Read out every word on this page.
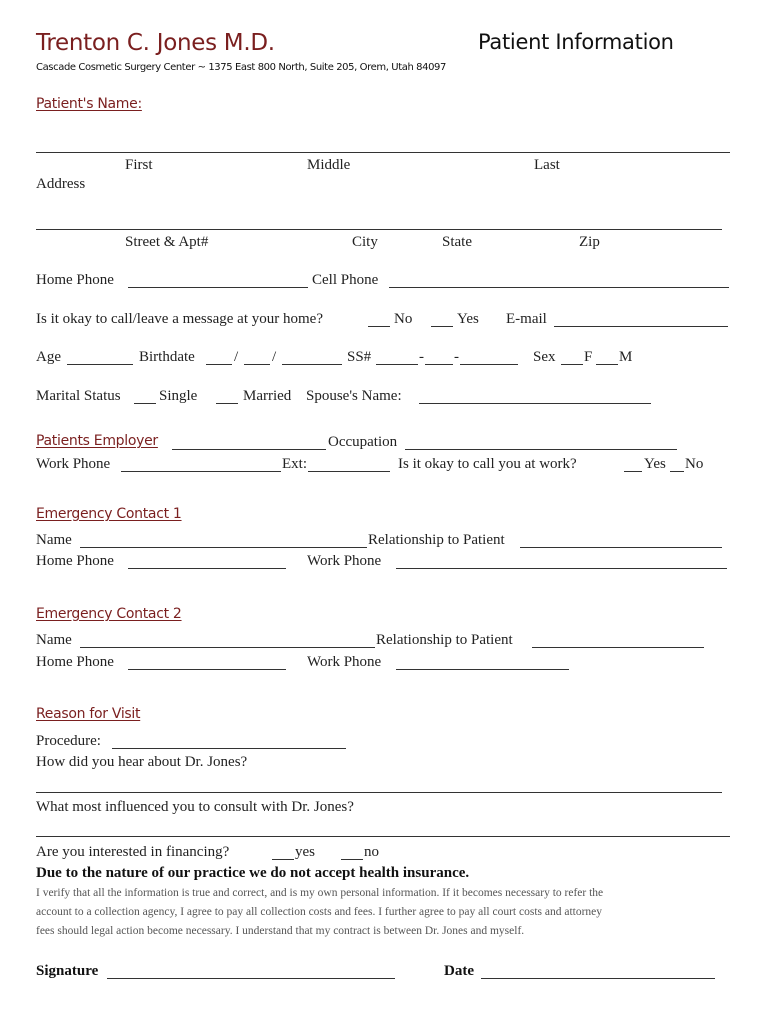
Trenton C. Jones M.D.	Patient Information
Cascade Cosmetic Surgery Center ~ 1375 East 800 North, Suite 205, Orem, Utah 84097
Patient's Name:
First	Middle	Last
Address
Street & Apt#	City	State	Zip
Home Phone	Cell Phone
Is it okay to call/leave a message at your home?	No	Yes E-mail
Age	Birthdate	/ /	SS#	- -	Sex F M
Marital Status	Single	Married Spouse's Name:
Patients Employer	Occupation
Work Phone	Ext:	Is it okay to call you at work?	Yes No
Emergency Contact 1
Name	Relationship to Patient
Home Phone	Work Phone
Emergency Contact 2
Name	Relationship to Patient
Home Phone	Work Phone
Reason for Visit
Procedure:
How did you hear about Dr. Jones?
What most influenced you to consult with Dr. Jones?
Are you interested in financing?	yes	no
Due to the nature of our practice we do not accept health insurance.
I verify that all the information is true and correct, and is my own personal information. If it becomes necessary to refer the
account to a collection agency, I agree to pay all collection costs and fees. I further agree to pay all court costs and attorney
fees should legal action become necessary. I understand that my contract is between Dr. Jones and myself.
Signature	Date
